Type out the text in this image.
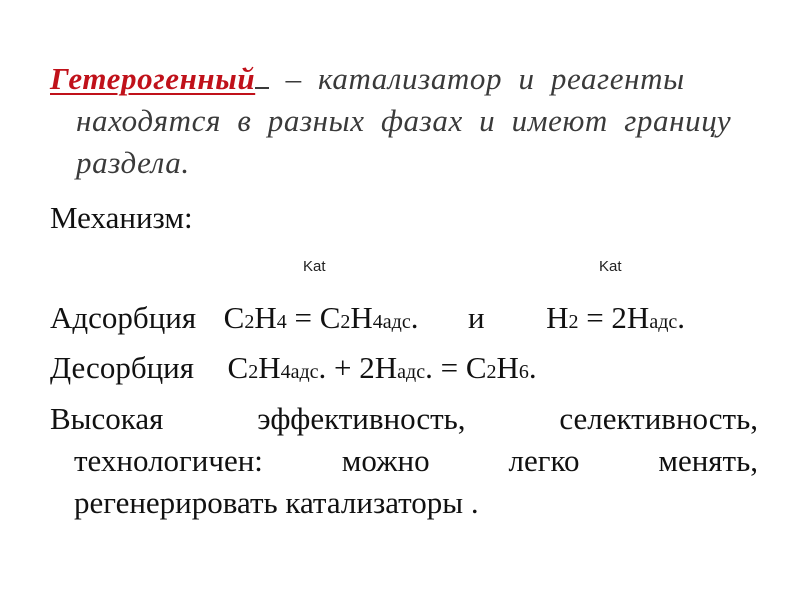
Гетерогенный – катализатор и реагенты
находятся в разных фазах и имеют границу
раздела.
Механизм:
Kat	Kat
Адсорбция C2H4 = C2H4адс. и H2 = 2Hадс.
Десорбция C2H4адс. + 2Hадс. = C2H6.
Высокая эффективность, селективность,
технологичен: можно легко менять,
регенерировать катализаторы .
